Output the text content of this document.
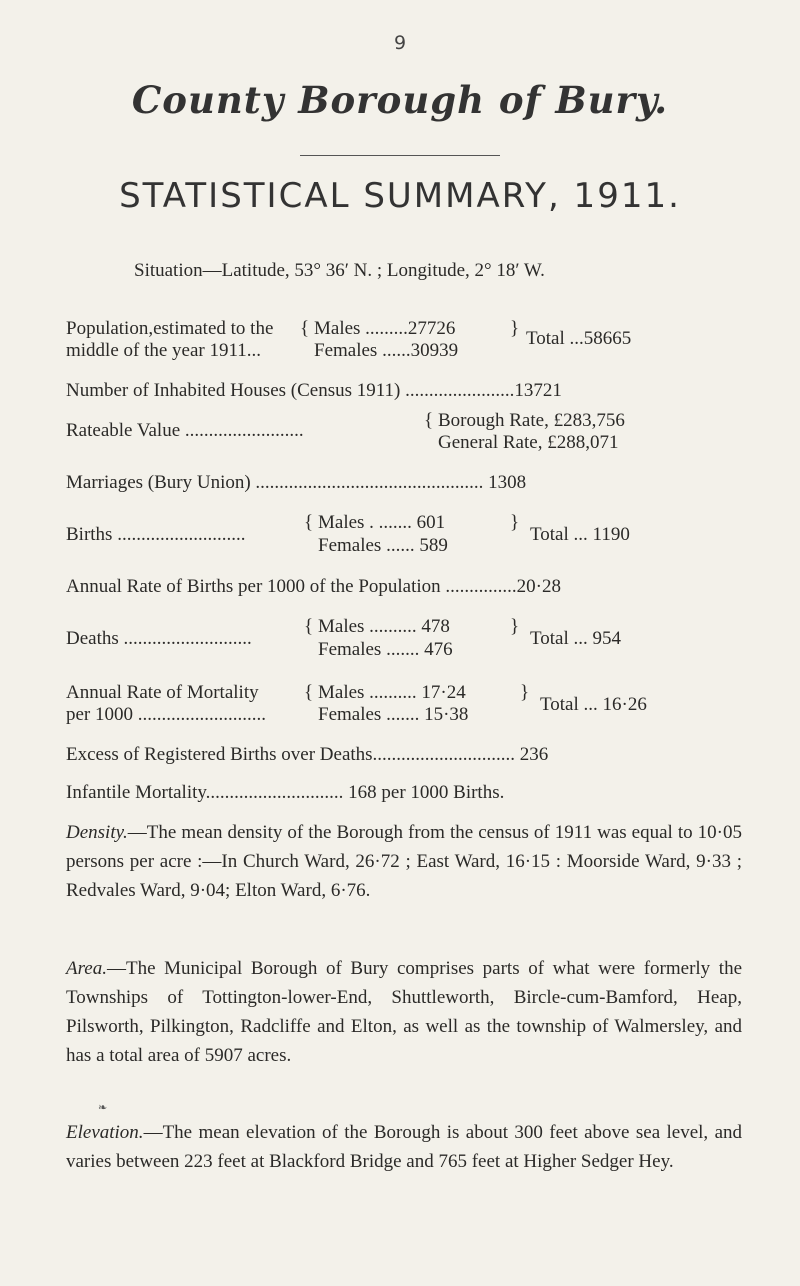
9
County Borough of Bury.
STATISTICAL SUMMARY, 1911.
Situation—Latitude, 53° 36′ N. ; Longitude, 2° 18′ W.
Population,estimated to the
middle of the year 1911...
{ Males .........27726
Females ......30939
} Total ...58665
Number of Inhabited Houses (Census 1911) .......................13721
Rateable Value .........................	{ Borough Rate, £283,756
General Rate, £288,071
Marriages (Bury Union) ................................................ 1308
Births ...........................
{ Males . ....... 601
Females ...... 589
}
Total ... 1190
Annual Rate of Births per 1000 of the Population ...............20·28
Deaths ...........................
{ Males .......... 478
Females ....... 476
}
Total ... 954
Annual Rate of Mortality
per 1000 ...........................
{ Males .......... 17·24
Females ....... 15·38
}
Total ... 16·26
Excess of Registered Births over Deaths.............................. 236
Infantile Mortality............................. 168 per 1000 Births.
Density.—The mean density of the Borough from the census of 1911 was equal to 10·05 persons per acre :—In Church Ward, 26·72 ; East Ward, 16·15 : Moorside Ward, 9·33 ; Redvales Ward, 9·04; Elton Ward, 6·76.
Area.—The Municipal Borough of Bury comprises parts of what were formerly the Townships of Tottington-lower-End, Shuttleworth, Bircle-cum-Bamford, Heap, Pilsworth, Pilkington, Radcliffe and Elton, as well as the township of Walmersley, and has a total area of 5907 acres.
❧
Elevation.—The mean elevation of the Borough is about 300 feet above sea level, and varies between 223 feet at Blackford Bridge and 765 feet at Higher Sedger Hey.
